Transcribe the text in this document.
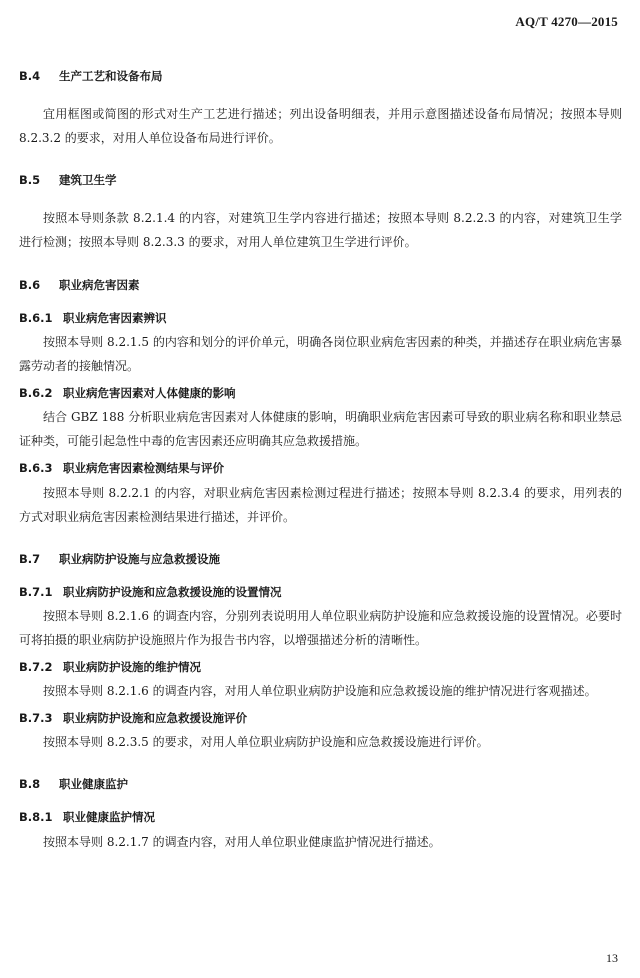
AQ/T 4270—2015
B.4 生产工艺和设备布局

宜用框图或简图的形式对生产工艺进行描述；列出设备明细表，并用示意图描述设备布局情况；按照本导则 8.2.3.2 的要求，对用人单位设备布局进行评价。

B.5 建筑卫生学

按照本导则条款 8.2.1.4 的内容，对建筑卫生学内容进行描述；按照本导则 8.2.2.3 的内容，对建筑卫生学进行检测；按照本导则 8.2.3.3 的要求，对用人单位建筑卫生学进行评价。

B.6 职业病危害因素
B.6.1 职业病危害因素辨识

按照本导则 8.2.1.5 的内容和划分的评价单元，明确各岗位职业病危害因素的种类，并描述存在职业病危害暴露劳动者的接触情况。

B.6.2 职业病危害因素对人体健康的影响

结合 GBZ 188 分析职业病危害因素对人体健康的影响，明确职业病危害因素可导致的职业病名称和职业禁忌证种类，可能引起急性中毒的危害因素还应明确其应急救援措施。

B.6.3 职业病危害因素检测结果与评价

按照本导则 8.2.2.1 的内容，对职业病危害因素检测过程进行描述；按照本导则 8.2.3.4 的要求，用列表的方式对职业病危害因素检测结果进行描述，并评价。

B.7 职业病防护设施与应急救援设施
B.7.1 职业病防护设施和应急救援设施的设置情况

按照本导则 8.2.1.6 的调查内容，分别列表说明用人单位职业病防护设施和应急救援设施的设置情况。必要时可将拍摄的职业病防护设施照片作为报告书内容，以增强描述分析的清晰性。

B.7.2 职业病防护设施的维护情况

按照本导则 8.2.1.6 的调查内容，对用人单位职业病防护设施和应急救援设施的维护情况进行客观描述。

B.7.3 职业病防护设施和应急救援设施评价

按照本导则 8.2.3.5 的要求，对用人单位职业病防护设施和应急救援设施进行评价。

B.8 职业健康监护
B.8.1 职业健康监护情况

按照本导则 8.2.1.7 的调查内容，对用人单位职业健康监护情况进行描述。

13
